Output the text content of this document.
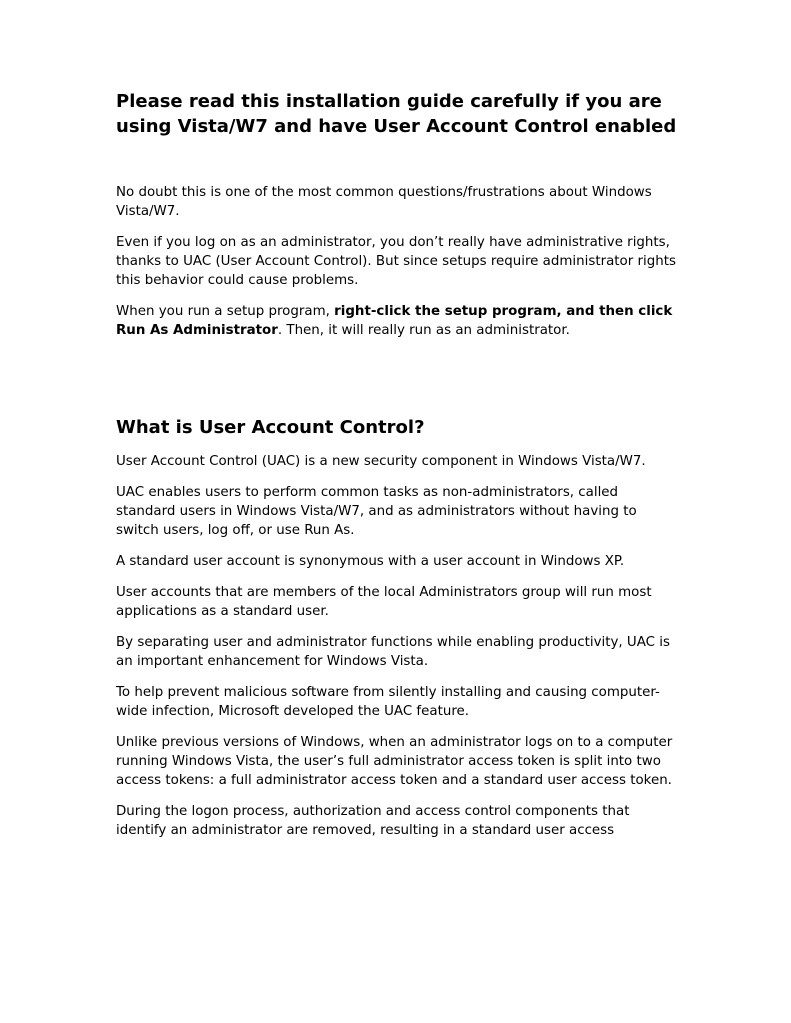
Please read this installation guide carefully if you are using Vista/W7 and have User Account Control enabled

No doubt this is one of the most common questions/frustrations about Windows Vista/W7.

Even if you log on as an administrator, you don’t really have administrative rights, thanks to UAC (User Account Control). But since setups require administrator rights this behavior could cause problems.

When you run a setup program, right-click the setup program, and then click Run As Administrator. Then, it will really run as an administrator.

What is User Account Control?

User Account Control (UAC) is a new security component in Windows Vista/W7.

UAC enables users to perform common tasks as non-administrators, called standard users in Windows Vista/W7, and as administrators without having to switch users, log off, or use Run As.

A standard user account is synonymous with a user account in Windows XP.

User accounts that are members of the local Administrators group will run most applications as a standard user.

By separating user and administrator functions while enabling productivity, UAC is an important enhancement for Windows Vista.

To help prevent malicious software from silently installing and causing computer-wide infection, Microsoft developed the UAC feature.

Unlike previous versions of Windows, when an administrator logs on to a computer running Windows Vista, the user’s full administrator access token is split into two access tokens: a full administrator access token and a standard user access token.

During the logon process, authorization and access control components that identify an administrator are removed, resulting in a standard user access
